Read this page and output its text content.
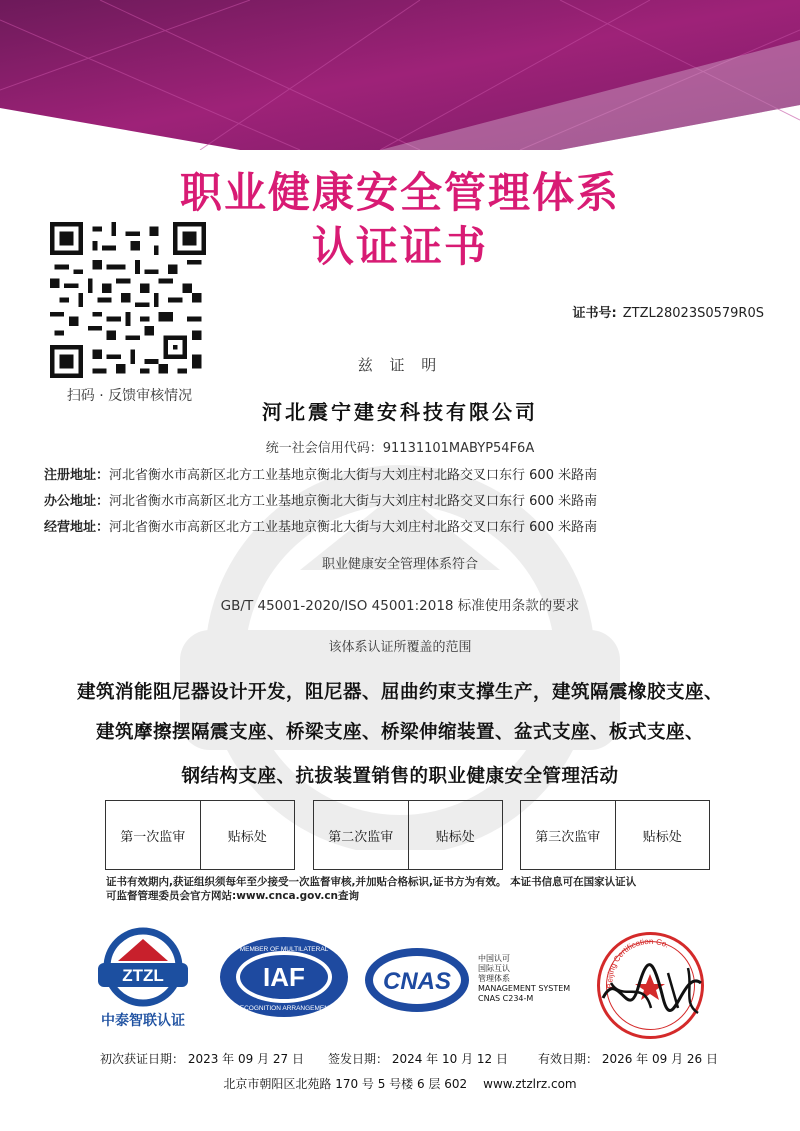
职业健康安全管理体系
认证证书
扫码 · 反馈审核情况
证书号: ZTZL28023S0579R0S
兹 证 明
河北震宁建安科技有限公司
统一社会信用代码：91131101MABYP54F6A
注册地址：河北省衡水市高新区北方工业基地京衡北大街与大刘庄村北路交叉口东行 600 米路南
办公地址：河北省衡水市高新区北方工业基地京衡北大街与大刘庄村北路交叉口东行 600 米路南
经营地址：河北省衡水市高新区北方工业基地京衡北大街与大刘庄村北路交叉口东行 600 米路南
职业健康安全管理体系符合
GB/T 45001-2020/ISO 45001:2018 标准使用条款的要求
该体系认证所覆盖的范围
建筑消能阻尼器设计开发，阻尼器、屈曲约束支撑生产，建筑隔震橡胶支座、
建筑摩擦摆隔震支座、桥梁支座、桥梁伸缩装置、盆式支座、板式支座、
钢结构支座、抗拔装置销售的职业健康安全管理活动
第一次监审	贴标处	第二次监审	贴标处	第三次监审	贴标处
证书有效期内,获证组织须每年至少接受一次监督审核,并加贴合格标识,证书方为有效。 本证书信息可在国家认证认
可监督管理委员会官方网站:www.cnca.gov.cn查询
ZTZL
中泰智联认证
MEMBER OF MULTILATERAL
IAF
RECOGNITION ARRANGEMENT
CNAS
中国认可
国际互认
管理体系
MANAGEMENT SYSTEM
CNAS C234-M
Beijing Certification Co.
初次获证日期： 2023 年 09 月 27 日 签发日期： 2024 年 10 月 12 日	有效日期： 2026 年 09 月 26 日
北京市朝阳区北苑路 170 号 5 号楼 6 层 602 www.ztzlrz.com
